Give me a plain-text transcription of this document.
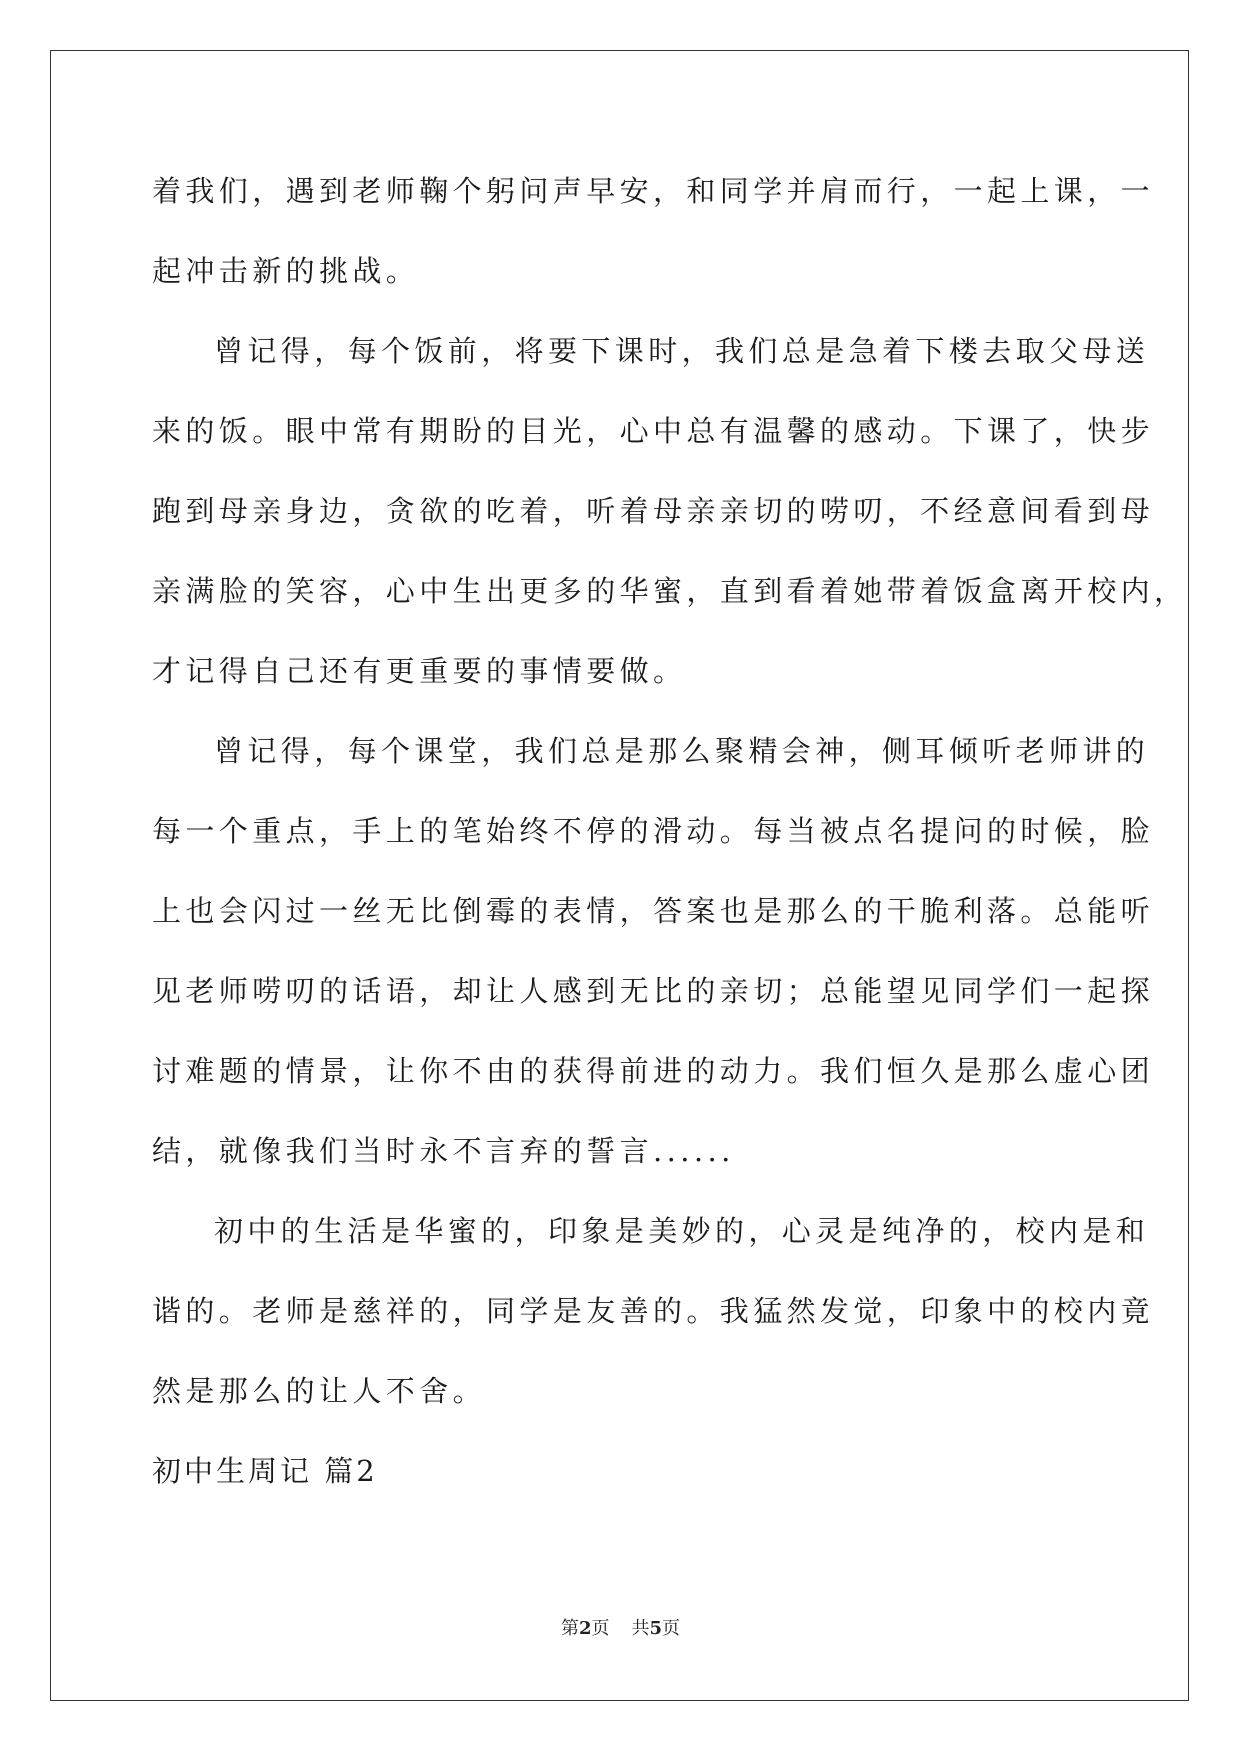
着我们，遇到老师鞠个躬问声早安，和同学并肩而行，一起上课，一
起冲击新的挑战。
曾记得，每个饭前，将要下课时，我们总是急着下楼去取父母送
来的饭。眼中常有期盼的目光，心中总有温馨的感动。下课了，快步
跑到母亲身边，贪欲的吃着，听着母亲亲切的唠叨，不经意间看到母
亲满脸的笑容，心中生出更多的华蜜，直到看着她带着饭盒离开校内，
才记得自己还有更重要的事情要做。
曾记得，每个课堂，我们总是那么聚精会神，侧耳倾听老师讲的
每一个重点，手上的笔始终不停的滑动。每当被点名提问的时候，脸
上也会闪过一丝无比倒霉的表情，答案也是那么的干脆利落。总能听
见老师唠叨的话语，却让人感到无比的亲切；总能望见同学们一起探
讨难题的情景，让你不由的获得前进的动力。我们恒久是那么虚心团
结，就像我们当时永不言弃的誓言......
初中的生活是华蜜的，印象是美妙的，心灵是纯净的，校内是和
谐的。老师是慈祥的，同学是友善的。我猛然发觉，印象中的校内竟
然是那么的让人不舍。
初中生周记 篇2
第2页 共5页
